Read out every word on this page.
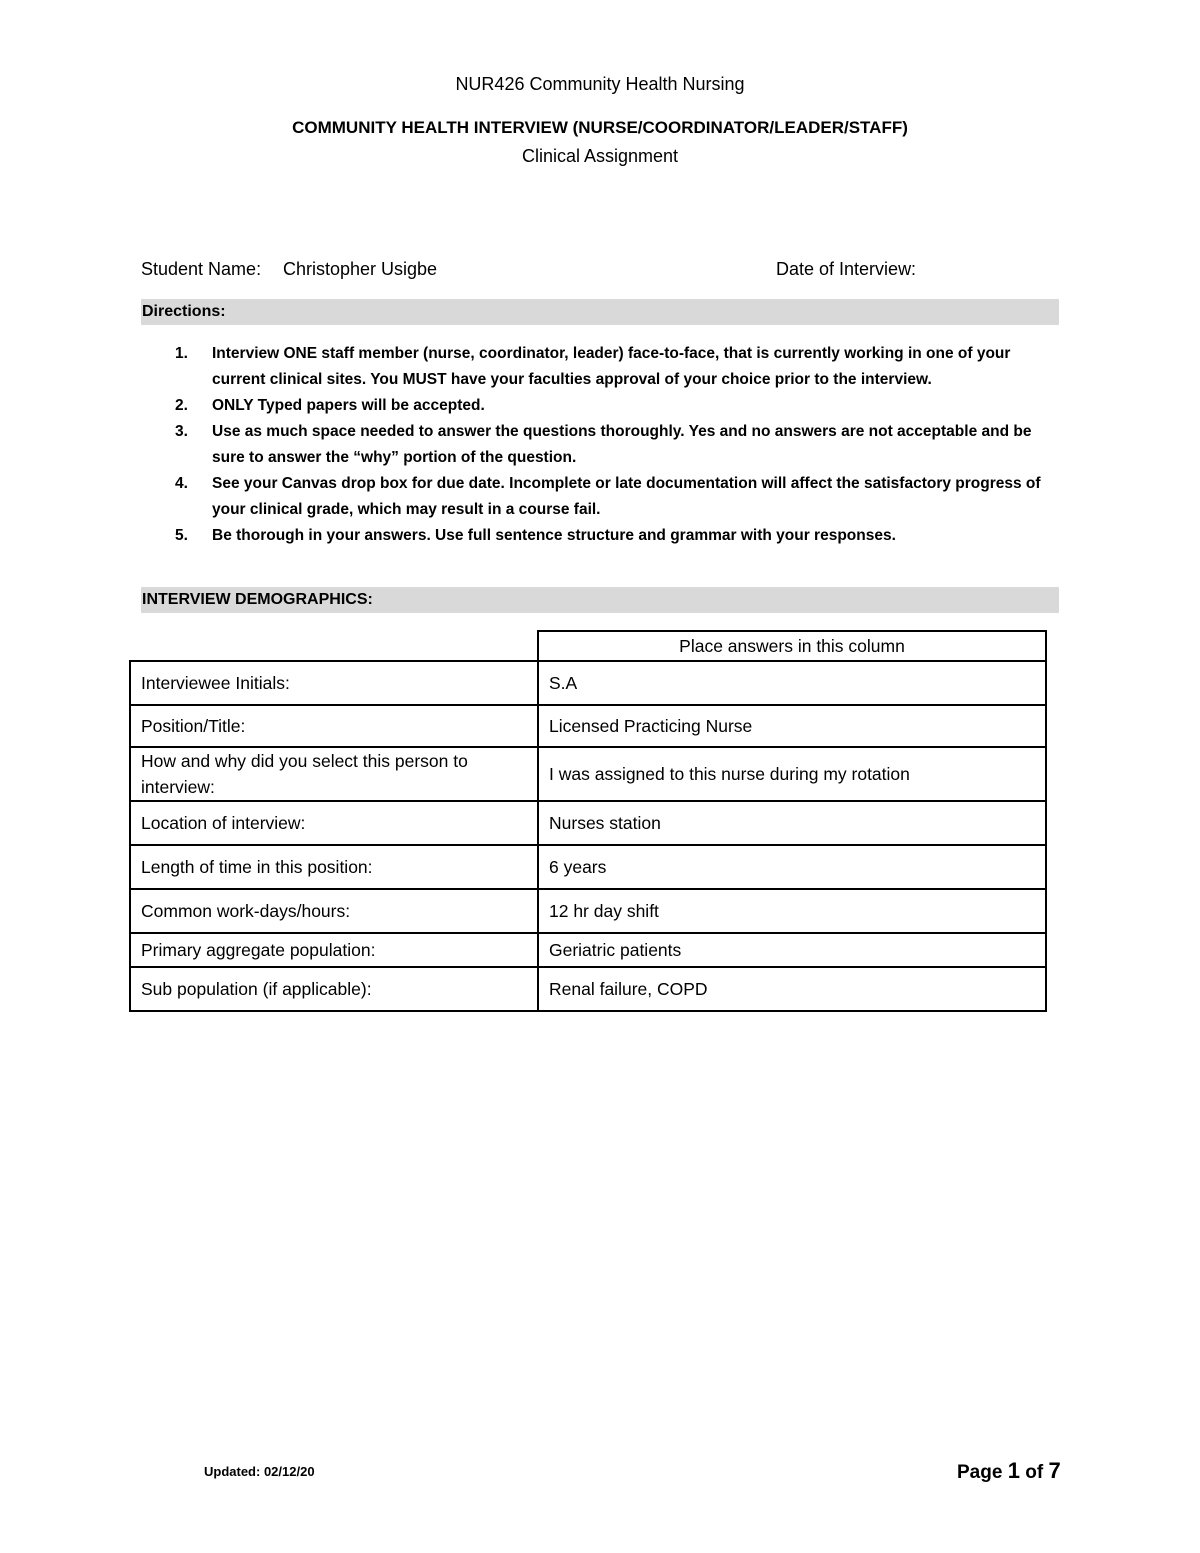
NUR426 Community Health Nursing
COMMUNITY HEALTH INTERVIEW (NURSE/COORDINATOR/LEADER/STAFF)
Clinical Assignment
Student Name: Christopher Usigbe	Date of Interview:
Directions:
1. Interview ONE staff member (nurse, coordinator, leader) face-to-face, that is currently working in one of your current clinical sites. You MUST have your faculties approval of your choice prior to the interview.
2. ONLY Typed papers will be accepted.
3. Use as much space needed to answer the questions thoroughly. Yes and no answers are not acceptable and be sure to answer the “why” portion of the question.
4. See your Canvas drop box for due date. Incomplete or late documentation will affect the satisfactory progress of your clinical grade, which may result in a course fail.
5. Be thorough in your answers. Use full sentence structure and grammar with your responses.
INTERVIEW DEMOGRAPHICS:
	Place answers in this column
Interviewee Initials:	S.A
Position/Title:	Licensed Practicing Nurse
How and why did you select this person to interview:	I was assigned to this nurse during my rotation
Location of interview:	Nurses station
Length of time in this position:	6 years
Common work-days/hours:	12 hr day shift
Primary aggregate population:	Geriatric patients
Sub population (if applicable):	Renal failure, COPD
Updated: 02/12/20	Page 1 of 7
